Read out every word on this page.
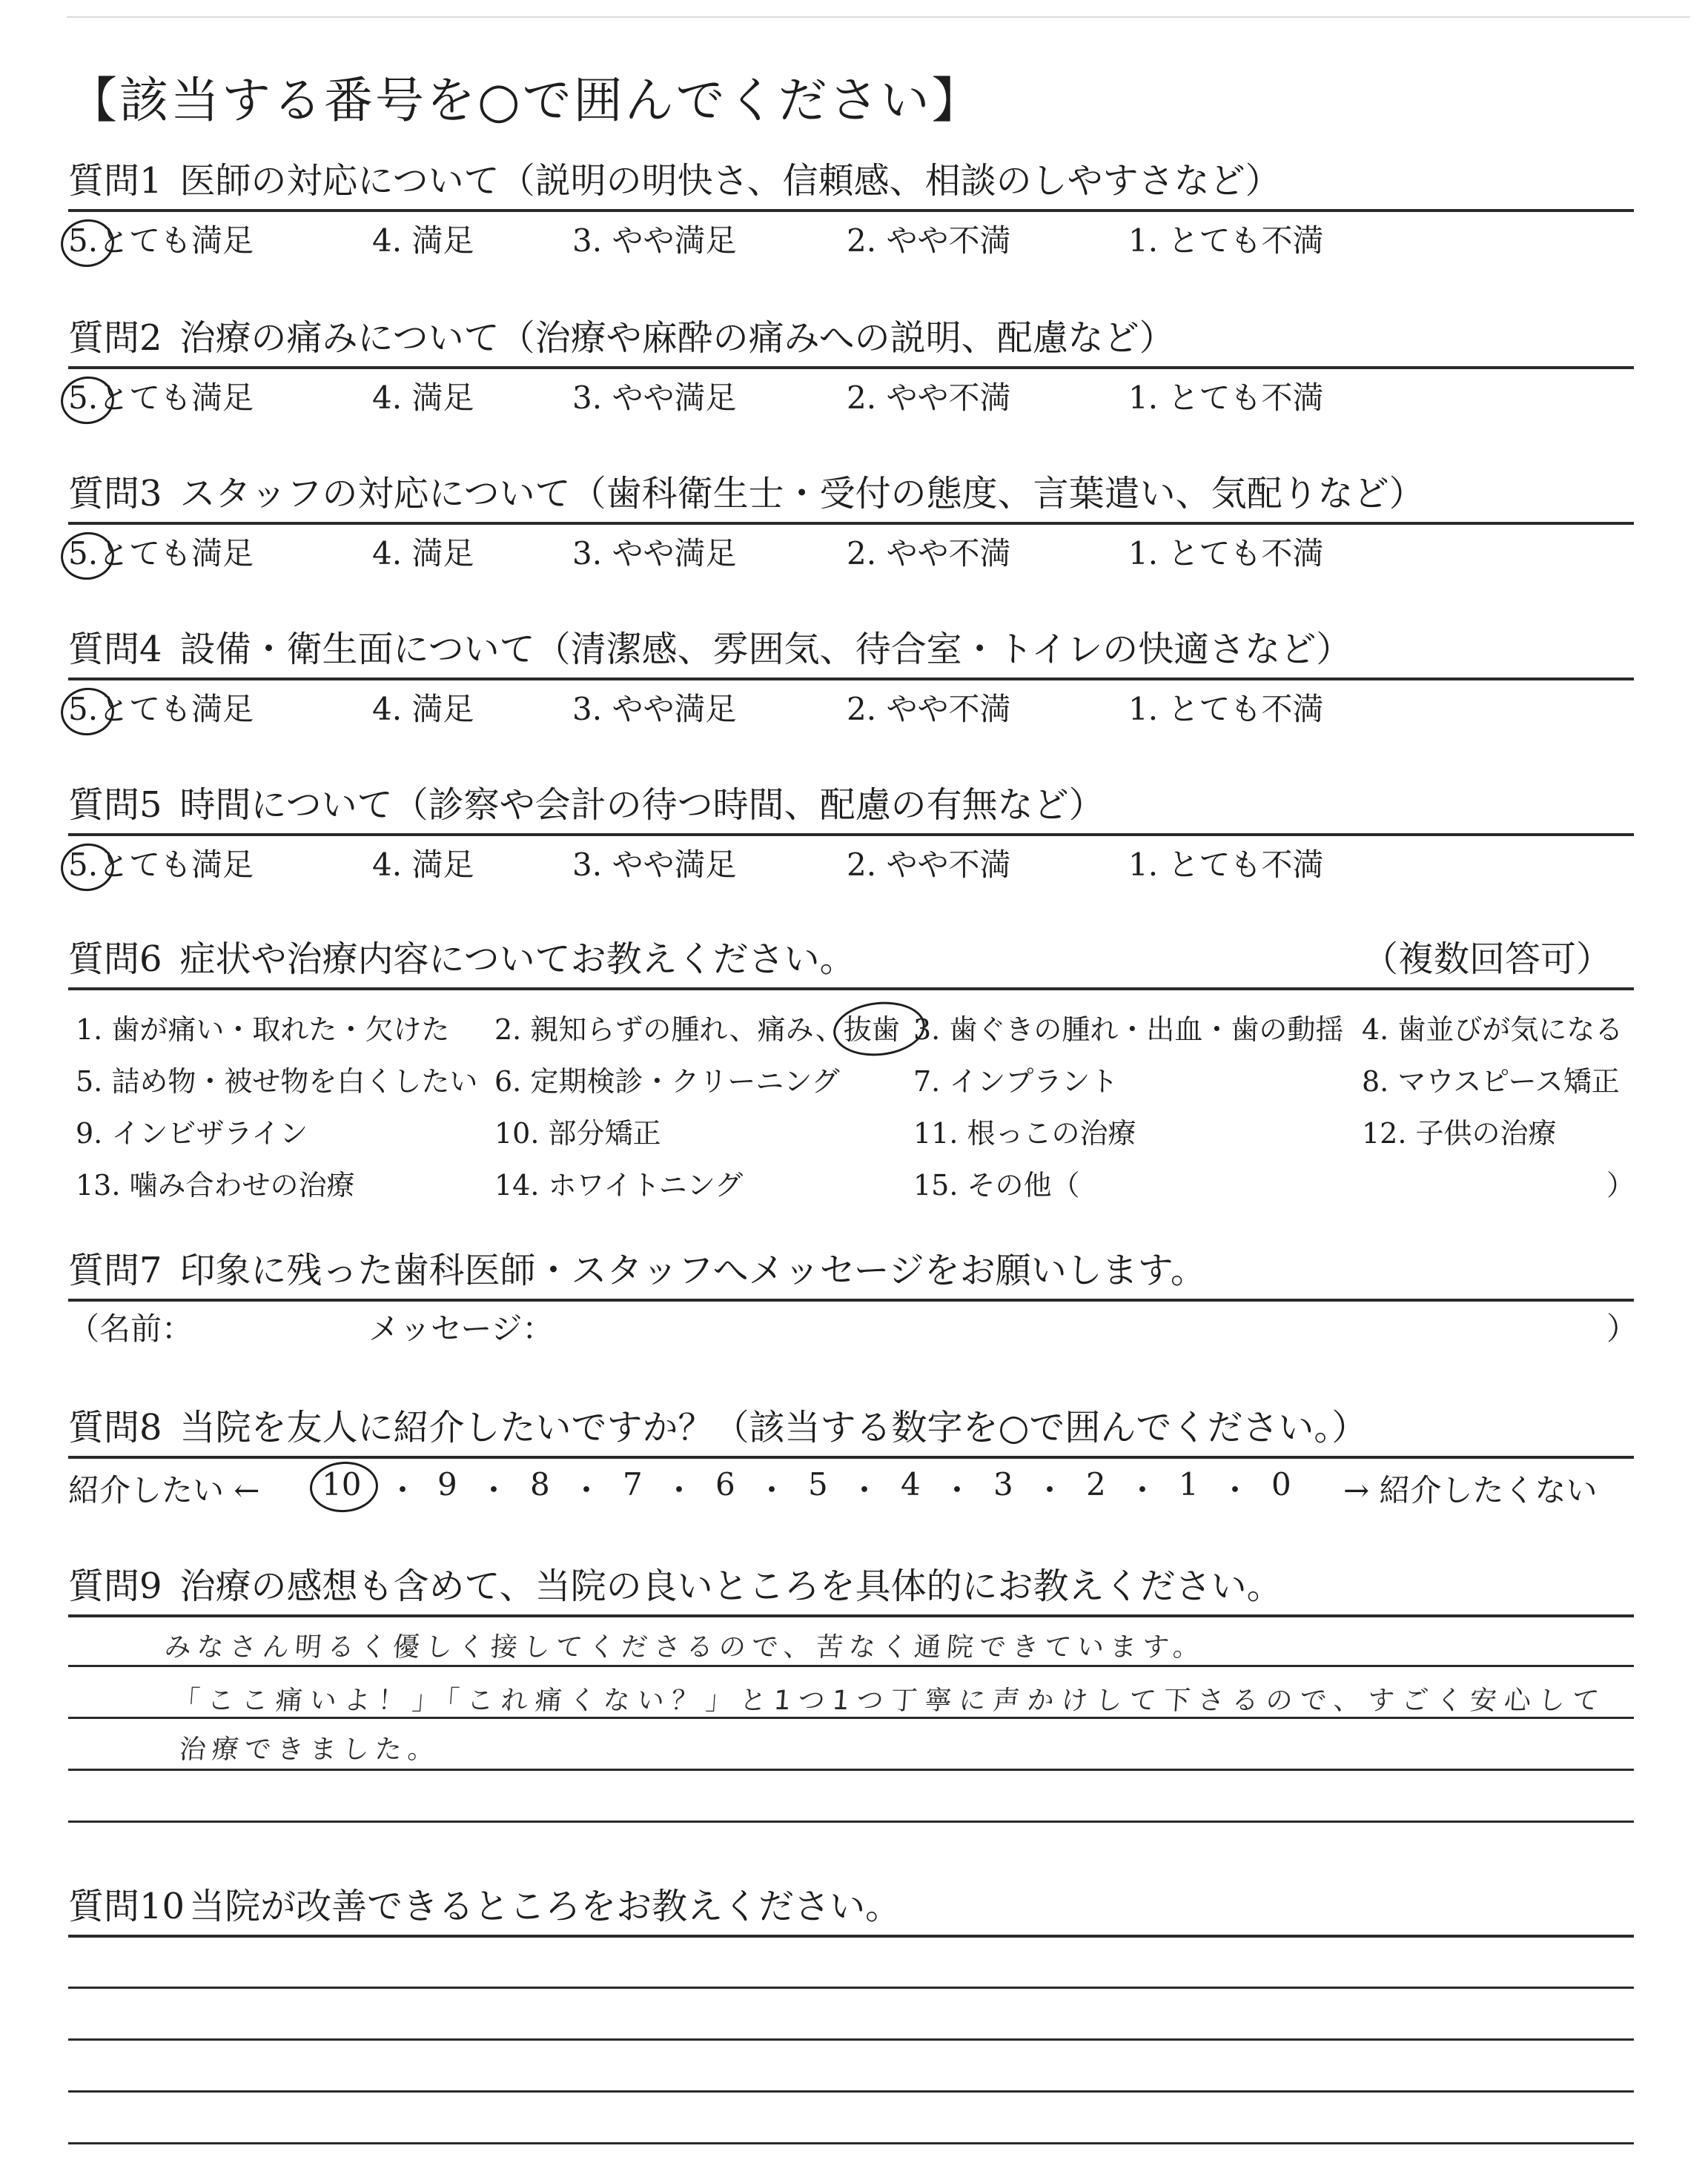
【該当する番号を○で囲んでください】
質問1 医師の対応について（説明の明快さ、信頼感、相談のしやすさなど）
5.とても満足	4. 満足	3. やや満足	2. やや不満	1. とても不満
質問2 治療の痛みについて（治療や麻酔の痛みへの説明、配慮など）
5.とても満足	4. 満足	3. やや満足	2. やや不満	1. とても不満
質問3 スタッフの対応について（歯科衛生士・受付の態度、言葉遣い、気配りなど）
5.とても満足	4. 満足	3. やや満足	2. やや不満	1. とても不満
質問4 設備・衛生面について（清潔感、雰囲気、待合室・トイレの快適さなど）
5.とても満足	4. 満足	3. やや満足	2. やや不満	1. とても不満
質問5 時間について（診察や会計の待つ時間、配慮の有無など）
5.とても満足	4. 満足	3. やや満足	2. やや不満	1. とても不満
質問6 症状や治療内容についてお教えください。	（複数回答可）
1. 歯が痛い・取れた・欠けた 2. 親知らずの腫れ、痛み、抜歯 3. 歯ぐきの腫れ・出血・歯の動揺 4. 歯並びが気になる
5. 詰め物・被せ物を白くしたい 6. 定期検診・クリーニング	7. インプラント	8. マウスピース矯正
9. インビザライン	10. 部分矯正	11. 根っこの治療	12. 子供の治療
13. 噛み合わせの治療	14. ホワイトニング	15. その他（	）
質問7 印象に残った歯科医師・スタッフへメッセージをお願いします。
（名前：	メッセージ：	）
質問8 当院を友人に紹介したいですか？（該当する数字を○で囲んでください。）
紹介したい ← 10 ・ 9 ・ 8 ・ 7 ・ 6 ・ 5 ・ 4 ・ 3 ・ 2 ・ 1 ・ 0 → 紹介したくない
質問9 治療の感想も含めて、当院の良いところを具体的にお教えください。
みなさん明るく優しく接してくださるので、苦なく通院できています。
「ここ痛いよ！」「これ痛くない？」と1つ1つ丁寧に声かけして下さるので、すごく安心して
治療できました。
質問10 当院が改善できるところをお教えください。
